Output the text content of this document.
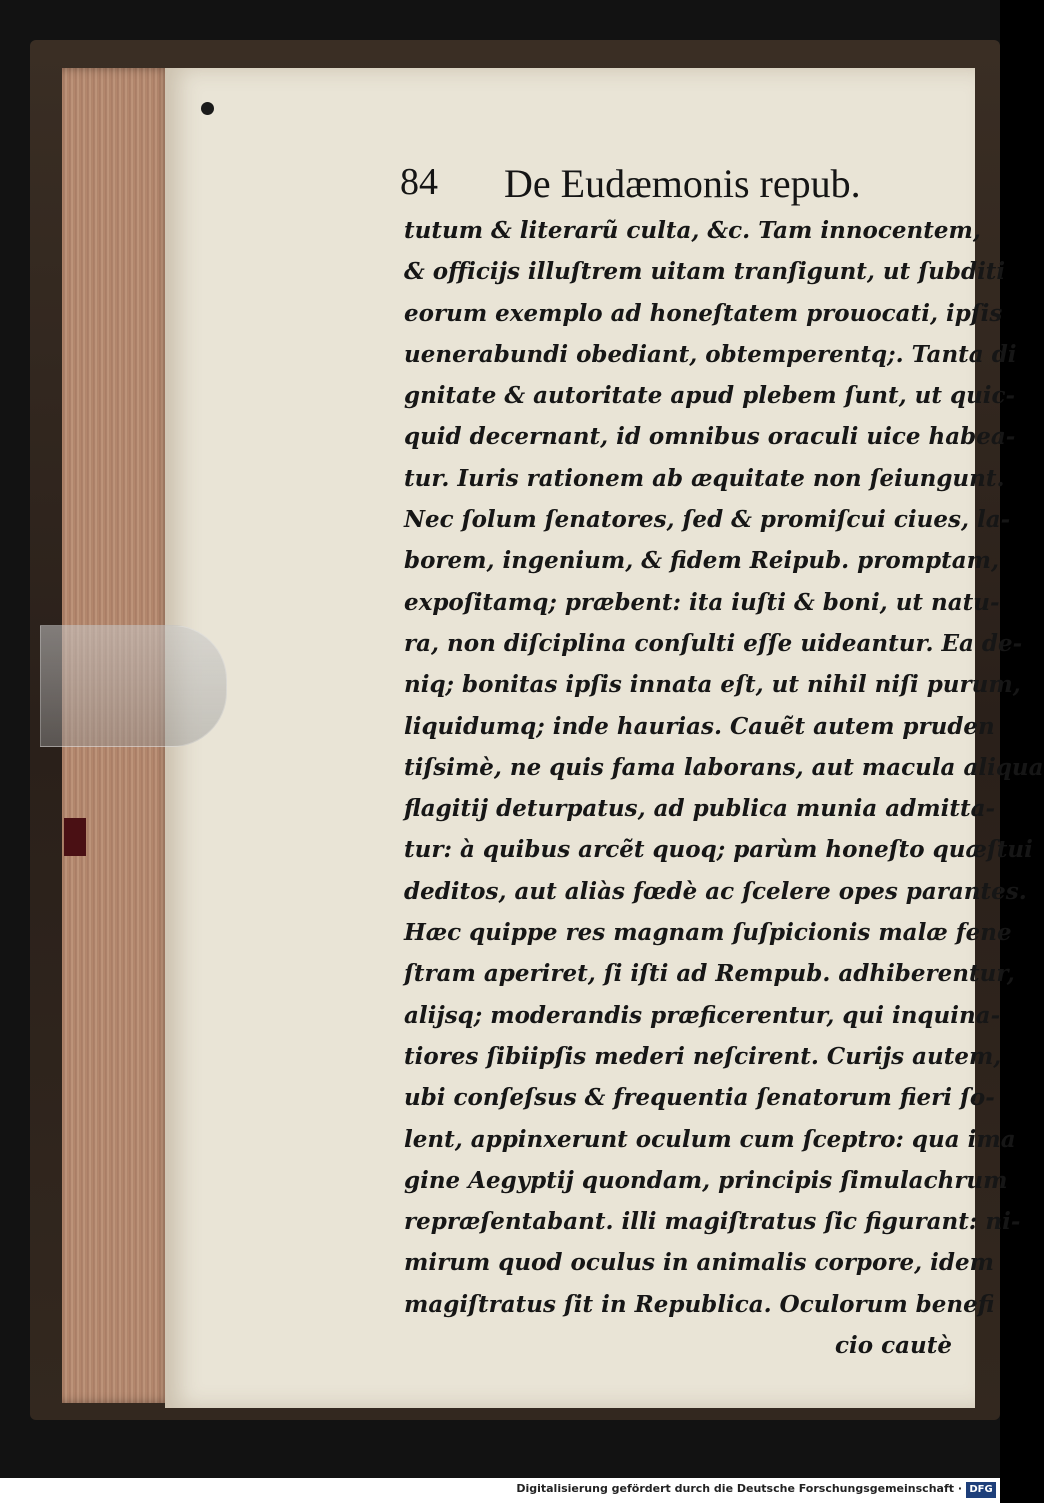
84 De Eudæmonis repub.
tutum & literarũ culta, &c. Tam innocentem,
& officijs illuſtrem uitam tranſigunt, ut ſubditi
eorum exemplo ad honeſtatem prouocati, ipſis
uenerabundi obediant, obtemperentq;. Tanta di
gnitate & autoritate apud plebem ſunt, ut quic-
quid decernant, id omnibus oraculi uice habea-
tur. Iuris rationem ab æquitate non ſeiungunt.
Nec ſolum ſenatores, ſed & promiſcui ciues, la-
borem, ingenium, & fidem Reipub. promptam,
expoſitamq; præbent: ita iuſti & boni, ut natu-
ra, non diſciplina conſulti eſſe uideantur. Ea de-
niq; bonitas ipſis innata eſt, ut nihil niſi purum,
liquidumq; inde haurias. Cauẽt autem pruden
tiſsimè, ne quis fama laborans, aut macula aliqua
flagitij deturpatus, ad publica munia admitta-
tur: à quibus arcẽt quoq; parùm honeſto quæſtui
deditos, aut aliàs fœdè ac ſcelere opes parantes.
Hæc quippe res magnam ſuſpicionis malæ fene
ſtram aperiret, ſi iſti ad Rempub. adhiberentur,
alijsq; moderandis præficerentur, qui inquina-
tiores ſibiipſis mederi neſcirent. Curijs autem,
ubi conſeſsus & frequentia ſenatorum fieri ſo-
lent, appinxerunt oculum cum ſceptro: qua ima
gine Aegyptij quondam, principis ſimulachrum
repræſentabant. illi magiſtratus ſic figurant: ni-
mirum quod oculus in animalis corpore, idem
magiſtratus ſit in Republica. Oculorum benefi
cio cautè
Digitalisierung gefördert durch die Deutsche Forschungsgemeinschaft · DFG
